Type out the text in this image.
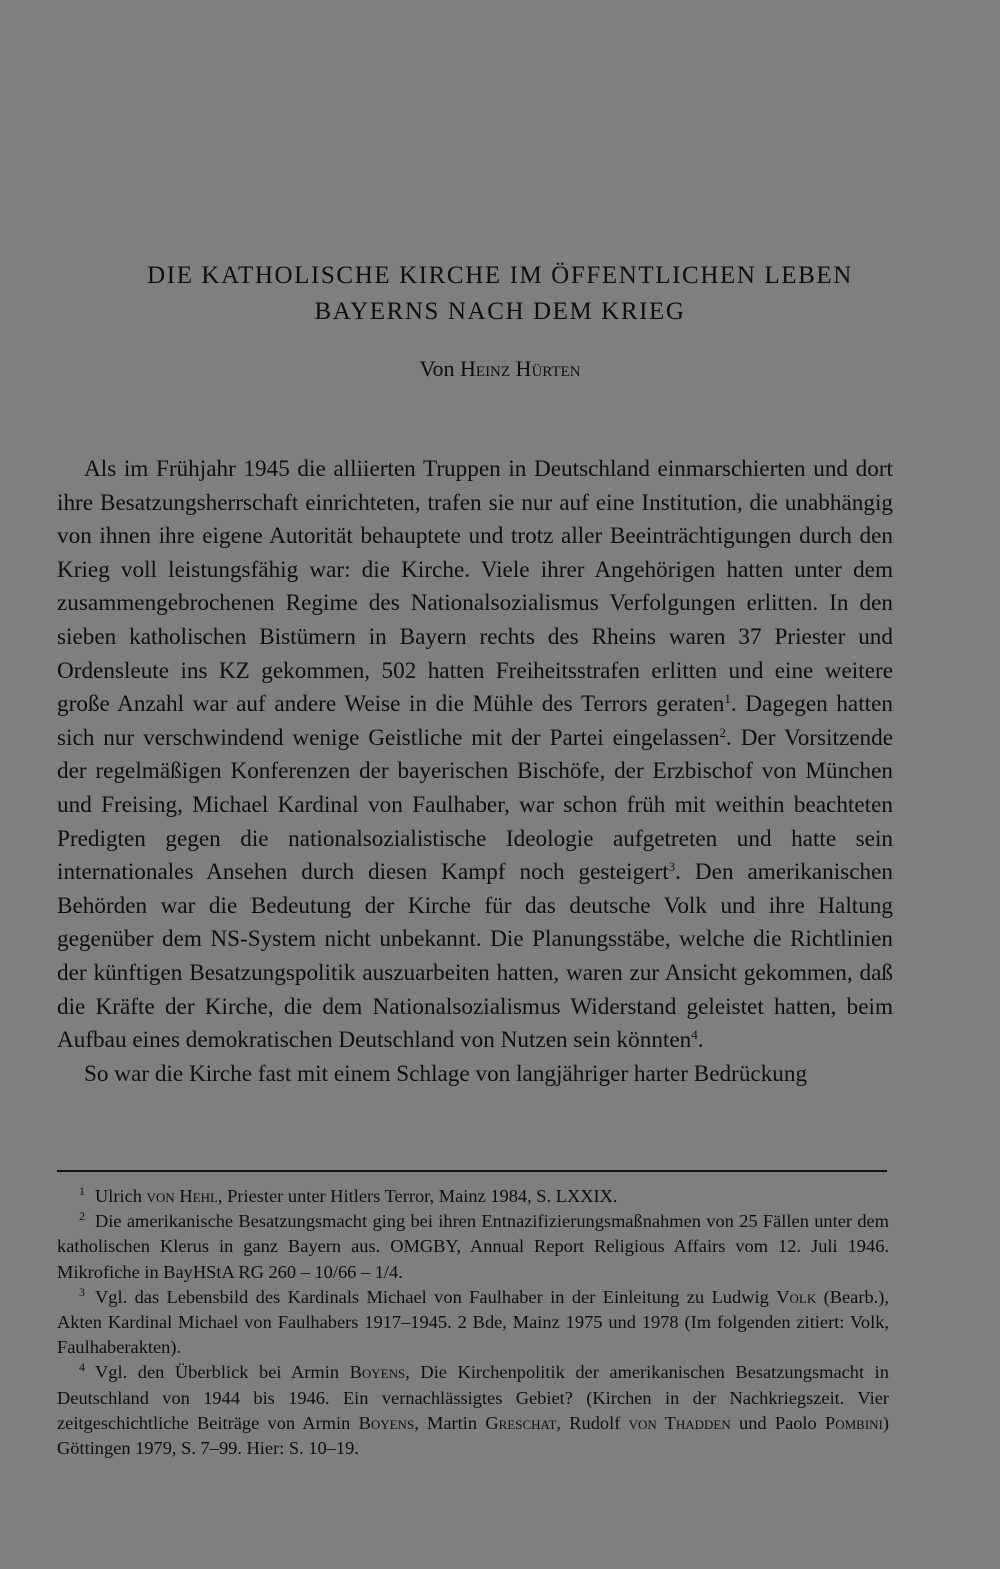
DIE KATHOLISCHE KIRCHE IM ÖFFENTLICHEN LEBEN
BAYERNS NACH DEM KRIEG
Von Heinz Hürten

Als im Frühjahr 1945 die alliierten Truppen in Deutschland einmarschierten und dort ihre Besatzungsherrschaft einrichteten, trafen sie nur auf eine Institution, die unabhängig von ihnen ihre eigene Autorität behauptete und trotz aller Beeinträchtigungen durch den Krieg voll leistungsfähig war: die Kirche. Viele ihrer Angehörigen hatten unter dem zusammengebrochenen Regime des Nationalsozialismus Verfolgungen erlitten. In den sieben katholischen Bistümern in Bayern rechts des Rheins waren 37 Priester und Ordensleute ins KZ gekommen, 502 hatten Freiheitsstrafen erlitten und eine weitere große Anzahl war auf andere Weise in die Mühle des Terrors geraten$^1$. Dagegen hatten sich nur verschwindend wenige Geistliche mit der Partei eingelassen$^2$. Der Vorsitzende der regelmäßigen Konferenzen der bayerischen Bischöfe, der Erzbischof von München und Freising, Michael Kardinal von Faulhaber, war schon früh mit weithin beachteten Predigten gegen die nationalsozialistische Ideologie aufgetreten und hatte sein internationales Ansehen durch diesen Kampf noch gesteigert$^3$. Den amerikanischen Behörden war die Bedeutung der Kirche für das deutsche Volk und ihre Haltung gegenüber dem NS-System nicht unbekannt. Die Planungsstäbe, welche die Richtlinien der künftigen Besatzungspolitik auszuarbeiten hatten, waren zur Ansicht gekommen, daß die Kräfte der Kirche, die dem Nationalsozialismus Widerstand geleistet hatten, beim Aufbau eines demokratischen Deutschland von Nutzen sein könnten$^4$.

So war die Kirche fast mit einem Schlage von langjähriger harter Bedrückung

$^1$ Ulrich von Hehl, Priester unter Hitlers Terror, Mainz 1984, S. LXXIX.

$^2$ Die amerikanische Besatzungsmacht ging bei ihren Entnazifizierungsmaßnahmen von 25 Fällen unter dem katholischen Klerus in ganz Bayern aus. OMGBY, Annual Report Religious Affairs vom 12. Juli 1946. Mikrofiche in BayHStA RG 260 – 10/66 – 1/4.

$^3$ Vgl. das Lebensbild des Kardinals Michael von Faulhaber in der Einleitung zu Ludwig Volk (Bearb.), Akten Kardinal Michael von Faulhabers 1917–1945. 2 Bde, Mainz 1975 und 1978 (Im folgenden zitiert: Volk, Faulhaberakten).

$^4$ Vgl. den Überblick bei Armin Boyens, Die Kirchenpolitik der amerikanischen Besatzungsmacht in Deutschland von 1944 bis 1946. Ein vernachlässigtes Gebiet? (Kirchen in der Nachkriegszeit. Vier zeitgeschichtliche Beiträge von Armin Boyens, Martin Greschat, Rudolf von Thadden und Paolo Pombini) Göttingen 1979, S. 7–99. Hier: S. 10–19.
